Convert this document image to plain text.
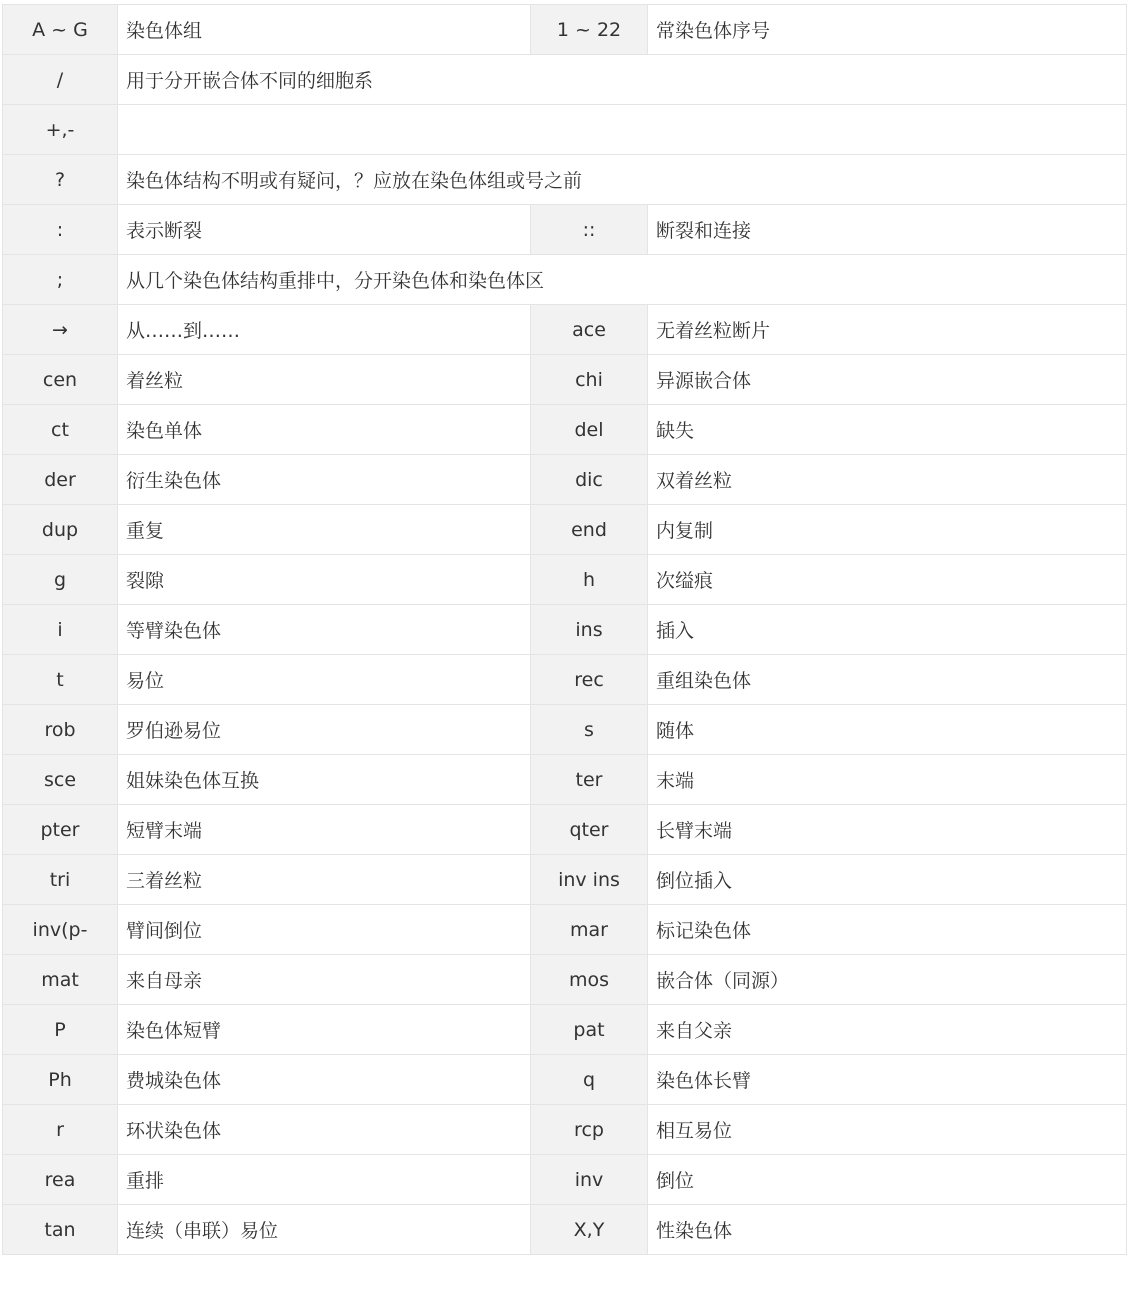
A ~ G	染色体组	1 ~ 22	常染色体序号
/	用于分开嵌合体不同的细胞系		
+,-			
?	染色体结构不明或有疑问，？应放在染色体组或号之前		
:	表示断裂	::	断裂和连接
;	从几个染色体结构重排中，分开染色体和染色体区		
→	从……到……	ace	无着丝粒断片
cen	着丝粒	chi	异源嵌合体
ct	染色单体	del	缺失
der	衍生染色体	dic	双着丝粒
dup	重复	end	内复制
g	裂隙	h	次缢痕
i	等臂染色体	ins	插入
t	易位	rec	重组染色体
rob	罗伯逊易位	s	随体
sce	姐妹染色体互换	ter	末端
pter	短臂末端	qter	长臂末端
tri	三着丝粒	inv ins	倒位插入
inv(p-	臂间倒位	mar	标记染色体
mat	来自母亲	mos	嵌合体（同源）
P	染色体短臂	pat	来自父亲
Ph	费城染色体	q	染色体长臂
r	环状染色体	rcp	相互易位
rea	重排	inv	倒位
tan	连续（串联）易位	X,Y	性染色体
